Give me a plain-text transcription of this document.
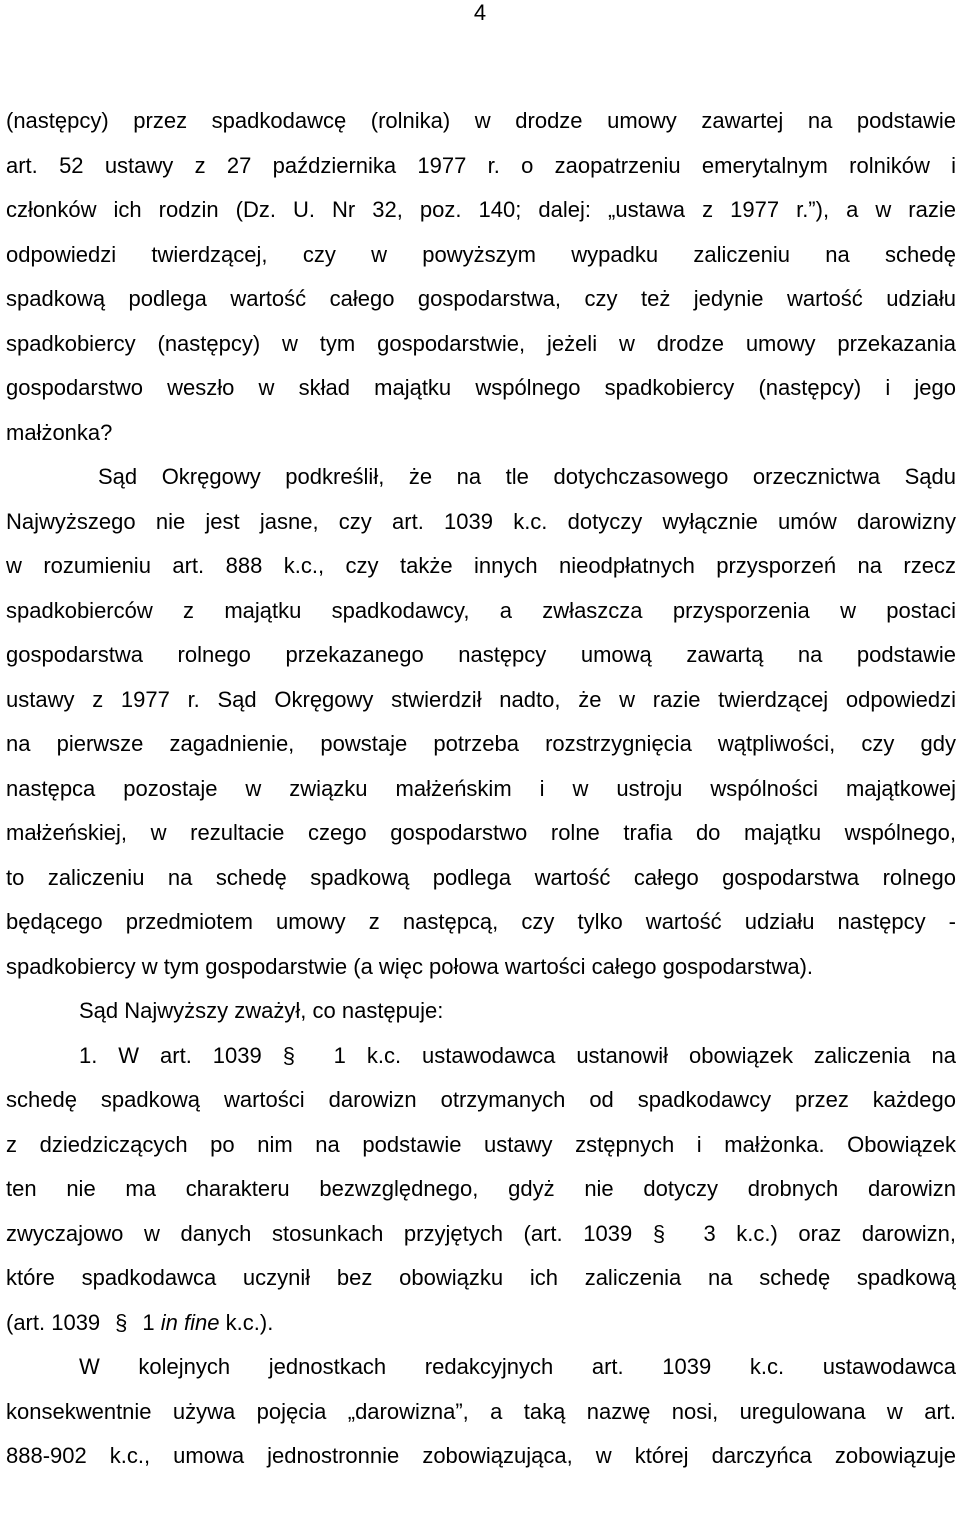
4
(następcy) przez spadkodawcę (rolnika) w drodze umowy zawartej na podstawie
art. 52 ustawy z 27 października 1977 r. o zaopatrzeniu emerytalnym rolników i
członków ich rodzin (Dz. U. Nr 32, poz. 140; dalej: „ustawa z 1977 r.”), a w razie
odpowiedzi twierdzącej, czy w powyższym wypadku zaliczeniu na schedę
spadkową podlega wartość całego gospodarstwa, czy też jedynie wartość udziału
spadkobiercy (następcy) w tym gospodarstwie, jeżeli w drodze umowy przekazania
gospodarstwo weszło w skład majątku wspólnego spadkobiercy (następcy) i jego
małżonka?
Sąd Okręgowy podkreślił, że na tle dotychczasowego orzecznictwa Sądu
Najwyższego nie jest jasne, czy art. 1039 k.c. dotyczy wyłącznie umów darowizny
w rozumieniu art. 888 k.c., czy także innych nieodpłatnych przysporzeń na rzecz
spadkobierców z majątku spadkodawcy, a zwłaszcza przysporzenia w postaci
gospodarstwa rolnego przekazanego następcy umową zawartą na podstawie
ustawy z 1977 r. Sąd Okręgowy stwierdził nadto, że w razie twierdzącej odpowiedzi
na pierwsze zagadnienie, powstaje potrzeba rozstrzygnięcia wątpliwości, czy gdy
następca pozostaje w związku małżeńskim i w ustroju wspólności majątkowej
małżeńskiej, w rezultacie czego gospodarstwo rolne trafia do majątku wspólnego,
to zaliczeniu na schedę spadkową podlega wartość całego gospodarstwa rolnego
będącego przedmiotem umowy z następcą, czy tylko wartość udziału następcy -
spadkobiercy w tym gospodarstwie (a więc połowa wartości całego gospodarstwa).
Sąd Najwyższy zważył, co następuje:
1. W art. 1039 §	1 k.c. ustawodawca ustanowił obowiązek zaliczenia na
schedę spadkową wartości darowizn otrzymanych od spadkodawcy przez każdego
z dziedziczących po nim na podstawie ustawy zstępnych i małżonka. Obowiązek
ten nie ma charakteru bezwzględnego, gdyż nie dotyczy drobnych darowizn
zwyczajowo w danych stosunkach przyjętych (art. 1039 §	3 k.c.) oraz darowizn,
które spadkodawca uczynił bez obowiązku ich zaliczenia na schedę spadkową
(art. 1039 § 1 in fine k.c.).
W kolejnych jednostkach redakcyjnych art. 1039 k.c. ustawodawca
konsekwentnie używa pojęcia „darowizna”, a taką nazwę nosi, uregulowana w art.
888-902 k.c., umowa jednostronnie zobowiązująca, w której darczyńca zobowiązuje
